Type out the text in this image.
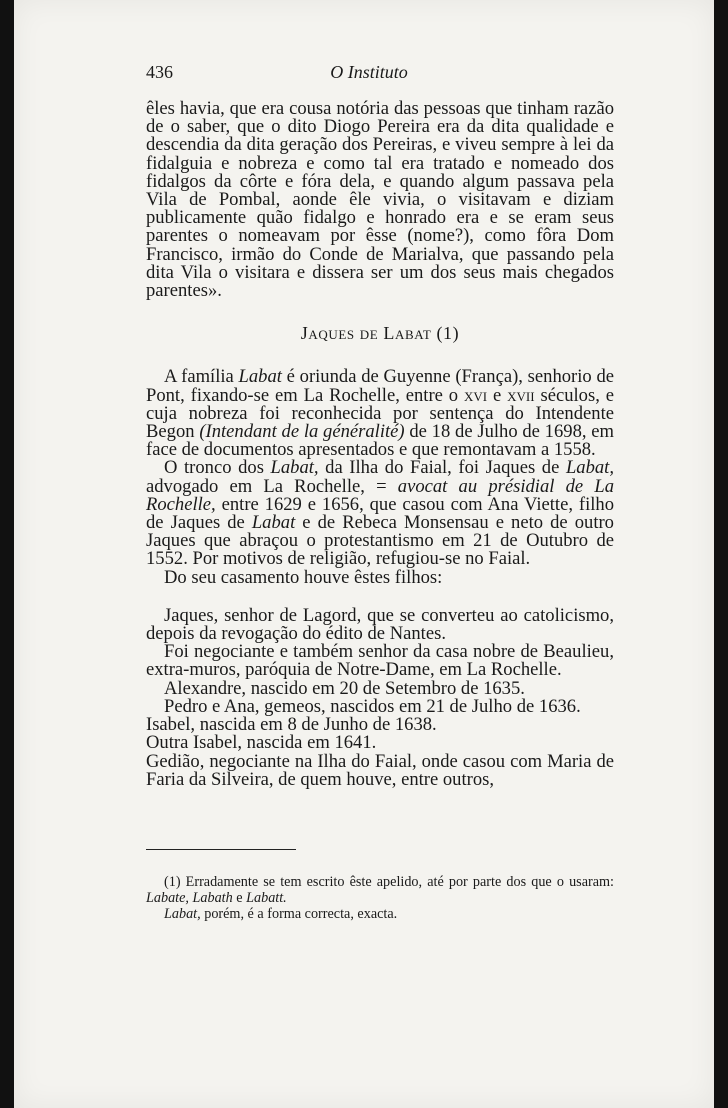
436	O Instituto

êles havia, que era cousa notória das pessoas que tinham razão de o saber, que o dito Diogo Pereira era da dita qualidade e descendia da dita geração dos Pereiras, e viveu sempre à lei da fidalguia e nobreza e como tal era tratado e nomeado dos fidalgos da côrte e fóra dela, e quando algum passava pela Vila de Pombal, aonde êle vivia, o visitavam e diziam publicamente quão fidalgo e honrado era e se eram seus parentes o nomeavam por êsse (nome?), como fôra Dom Francisco, irmão do Conde de Marialva, que passando pela dita Vila o visitara e dissera ser um dos seus mais chegados parentes».

Jaques de Labat (1)

A família Labat é oriunda de Guyenne (França), senhorio de Pont, fixando-se em La Rochelle, entre o xvi e xvii séculos, e cuja nobreza foi reconhecida por sentença do Intendente Begon (Intendant de la généralité) de 18 de Julho de 1698, em face de documentos apresentados e que remontavam a 1558.

O tronco dos Labat, da Ilha do Faial, foi Jaques de Labat, advogado em La Rochelle, = avocat au présidial de La Rochelle, entre 1629 e 1656, que casou com Ana Viette, filho de Jaques de Labat e de Rebeca Monsensau e neto de outro Jaques que abraçou o protestantismo em 21 de Outubro de 1552. Por motivos de religião, refugiou-se no Faial.

Do seu casamento houve êstes filhos:

Jaques, senhor de Lagord, que se converteu ao catolicismo, depois da revogação do édito de Nantes.

Foi negociante e também senhor da casa nobre de Beaulieu, extra-muros, paróquia de Notre-Dame, em La Rochelle.

Alexandre, nascido em 20 de Setembro de 1635.

Pedro e Ana, gemeos, nascidos em 21 de Julho de 1636.

Isabel, nascida em 8 de Junho de 1638.

Outra Isabel, nascida em 1641.

Gedião, negociante na Ilha do Faial, onde casou com Maria de Faria da Silveira, de quem houve, entre outros,

(1) Erradamente se tem escrito êste apelido, até por parte dos que o usaram: Labate, Labath e Labatt.

Labat, porém, é a forma correcta, exacta.
